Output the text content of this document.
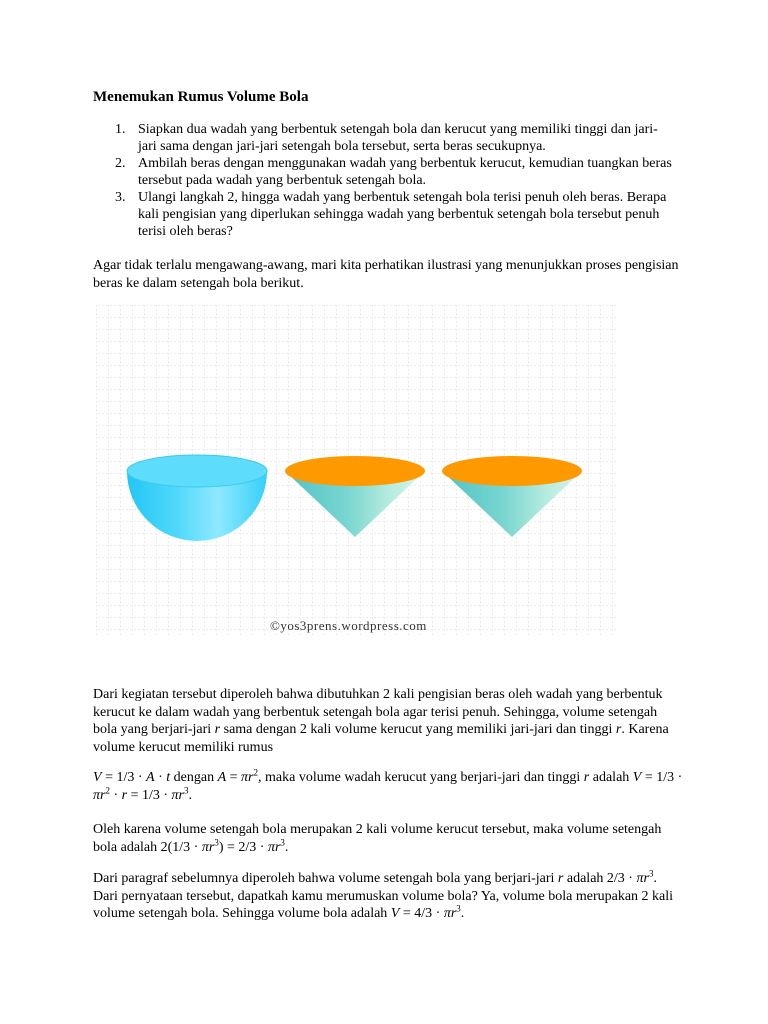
Menemukan Rumus Volume Bola
1. Siapkan dua wadah yang berbentuk setengah bola dan kerucut yang memiliki tinggi dan jari-jari sama dengan jari-jari setengah bola tersebut, serta beras secukupnya.
2. Ambilah beras dengan menggunakan wadah yang berbentuk kerucut, kemudian tuangkan beras tersebut pada wadah yang berbentuk setengah bola.
3. Ulangi langkah 2, hingga wadah yang berbentuk setengah bola terisi penuh oleh beras. Berapa kali pengisian yang diperlukan sehingga wadah yang berbentuk setengah bola tersebut penuh terisi oleh beras?

Agar tidak terlalu mengawang-awang, mari kita perhatikan ilustrasi yang menunjukkan proses pengisian beras ke dalam setengah bola berikut.

©yos3prens.wordpress.com

Dari kegiatan tersebut diperoleh bahwa dibutuhkan 2 kali pengisian beras oleh wadah yang berbentuk kerucut ke dalam wadah yang berbentuk setengah bola agar terisi penuh. Sehingga, volume setengah bola yang berjari-jari r sama dengan 2 kali volume kerucut yang memiliki jari-jari dan tinggi r. Karena volume kerucut memiliki rumus

V = 1/3 · A · t dengan $A = \pi r^2$, maka volume wadah kerucut yang berjari-jari dan tinggi r adalah $V = 1/3 \cdot \pi r^2 \cdot r = 1/3 \cdot \pi r^3$.

Oleh karena volume setengah bola merupakan 2 kali volume kerucut tersebut, maka volume setengah bola adalah $2(1/3 \cdot \pi r^3) = 2/3 \cdot \pi r^3$.

Dari paragraf sebelumnya diperoleh bahwa volume setengah bola yang berjari-jari r adalah $2/3 \cdot \pi r^3$. Dari pernyataan tersebut, dapatkah kamu merumuskan volume bola? Ya, volume bola merupakan 2 kali volume setengah bola. Sehingga volume bola adalah $V = 4/3 \cdot \pi r^3$.
